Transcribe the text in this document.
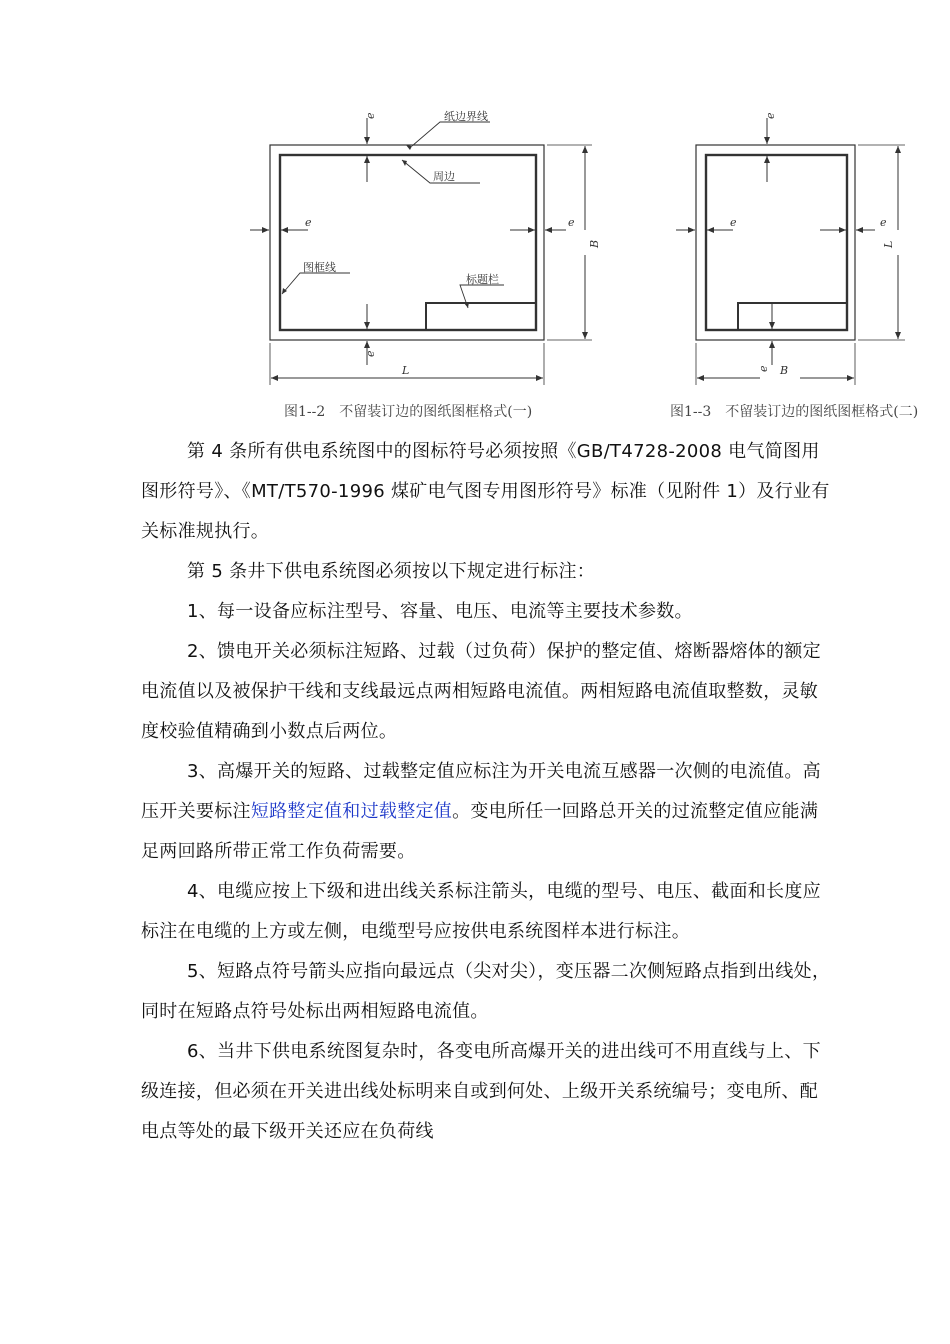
纸边界线
周边
图框线
标题栏
e
e
e	e
L
B
e
e
e	e
B
L
图1--2　不留装订边的图纸图框格式(一)	图1--3　不留装订边的图纸图框格式(二)

第 4 条所有供电系统图中的图标符号必须按照《GB/T4728-2008 电气简图用图形符号》、《MT/T570-1996 煤矿电气图专用图形符号》标准（见附件 1）及行业有关标准规执行。

第 5 条井下供电系统图必须按以下规定进行标注：

1、每一设备应标注型号、容量、电压、电流等主要技术参数。

2、馈电开关必须标注短路、过载（过负荷）保护的整定值、熔断器熔体的额定电流值以及被保护干线和支线最远点两相短路电流值。两相短路电流值取整数，灵敏度校验值精确到小数点后两位。

3、高爆开关的短路、过载整定值应标注为开关电流互感器一次侧的电流值。高压开关要标注短路整定值和过载整定值。变电所任一回路总开关的过流整定值应能满足两回路所带正常工作负荷需要。

4、电缆应按上下级和进出线关系标注箭头，电缆的型号、电压、截面和长度应标注在电缆的上方或左侧，电缆型号应按供电系统图样本进行标注。

5、短路点符号箭头应指向最远点（尖对尖），变压器二次侧短路点指到出线处，同时在短路点符号处标出两相短路电流值。

6、当井下供电系统图复杂时，各变电所高爆开关的进出线可不用直线与上、下级连接，但必须在开关进出线处标明来自或到何处、上级开关系统编号；变电所、配电点等处的最下级开关还应在负荷线
